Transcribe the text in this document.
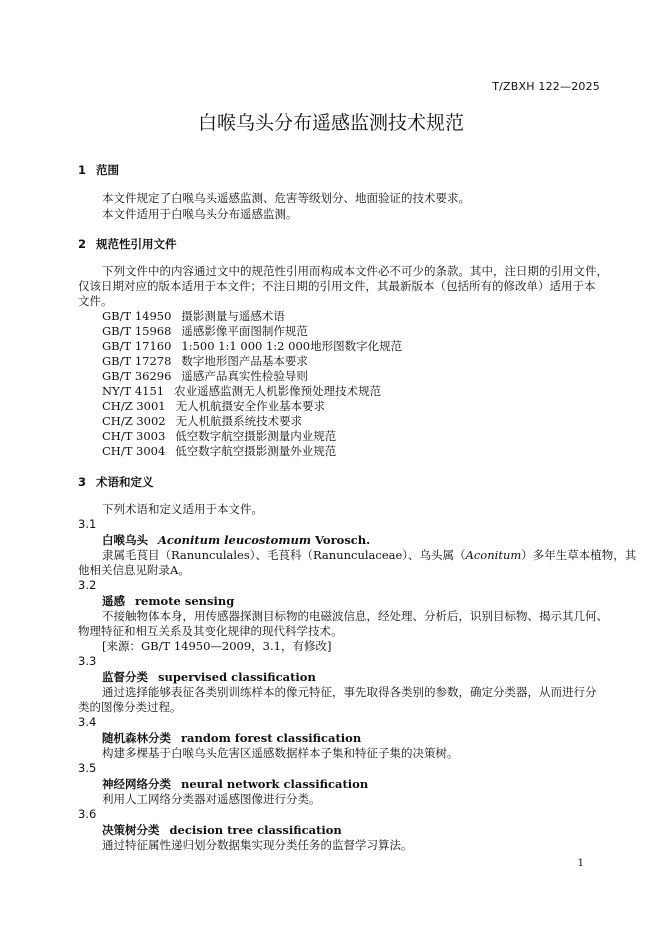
T/ZBXH 122—2025
白喉乌头分布遥感监测技术规范
1 范围
本文件规定了白喉乌头遥感监测、危害等级划分、地面验证的技术要求。
本文件适用于白喉乌头分布遥感监测。
2 规范性引用文件
下列文件中的内容通过文中的规范性引用而构成本文件必不可少的条款。其中，注日期的引用文件，
仅该日期对应的版本适用于本文件；不注日期的引用文件，其最新版本（包括所有的修改单）适用于本
文件。
GB/T 14950 摄影测量与遥感术语
GB/T 15968 遥感影像平面图制作规范
GB/T 17160 1:500 1:1 000 1:2 000地形图数字化规范
GB/T 17278 数字地形图产品基本要求
GB/T 36296 遥感产品真实性检验导则
NY/T 4151 农业遥感监测无人机影像预处理技术规范
CH/Z 3001 无人机航摄安全作业基本要求
CH/Z 3002 无人机航摄系统技术要求
CH/T 3003 低空数字航空摄影测量内业规范
CH/T 3004 低空数字航空摄影测量外业规范
3 术语和定义
下列术语和定义适用于本文件。
3.1
白喉乌头 Aconitum leucostomum Vorosch.
隶属毛茛目（Ranunculales）、毛茛科（Ranunculaceae）、乌头属（Aconitum）多年生草本植物，其
他相关信息见附录A。
3.2
遥感 remote sensing
不接触物体本身，用传感器探测目标物的电磁波信息，经处理、分析后，识别目标物、揭示其几何、
物理特征和相互关系及其变化规律的现代科学技术。
[来源：GB/T 14950—2009，3.1，有修改]
3.3
监督分类 supervised classification
通过选择能够表征各类别训练样本的像元特征，事先取得各类别的参数，确定分类器，从而进行分
类的图像分类过程。
3.4
随机森林分类 random forest classification
构建多棵基于白喉乌头危害区遥感数据样本子集和特征子集的决策树。
3.5
神经网络分类 neural network classification
利用人工网络分类器对遥感图像进行分类。
3.6
决策树分类 decision tree classification
通过特征属性递归划分数据集实现分类任务的监督学习算法。
1
